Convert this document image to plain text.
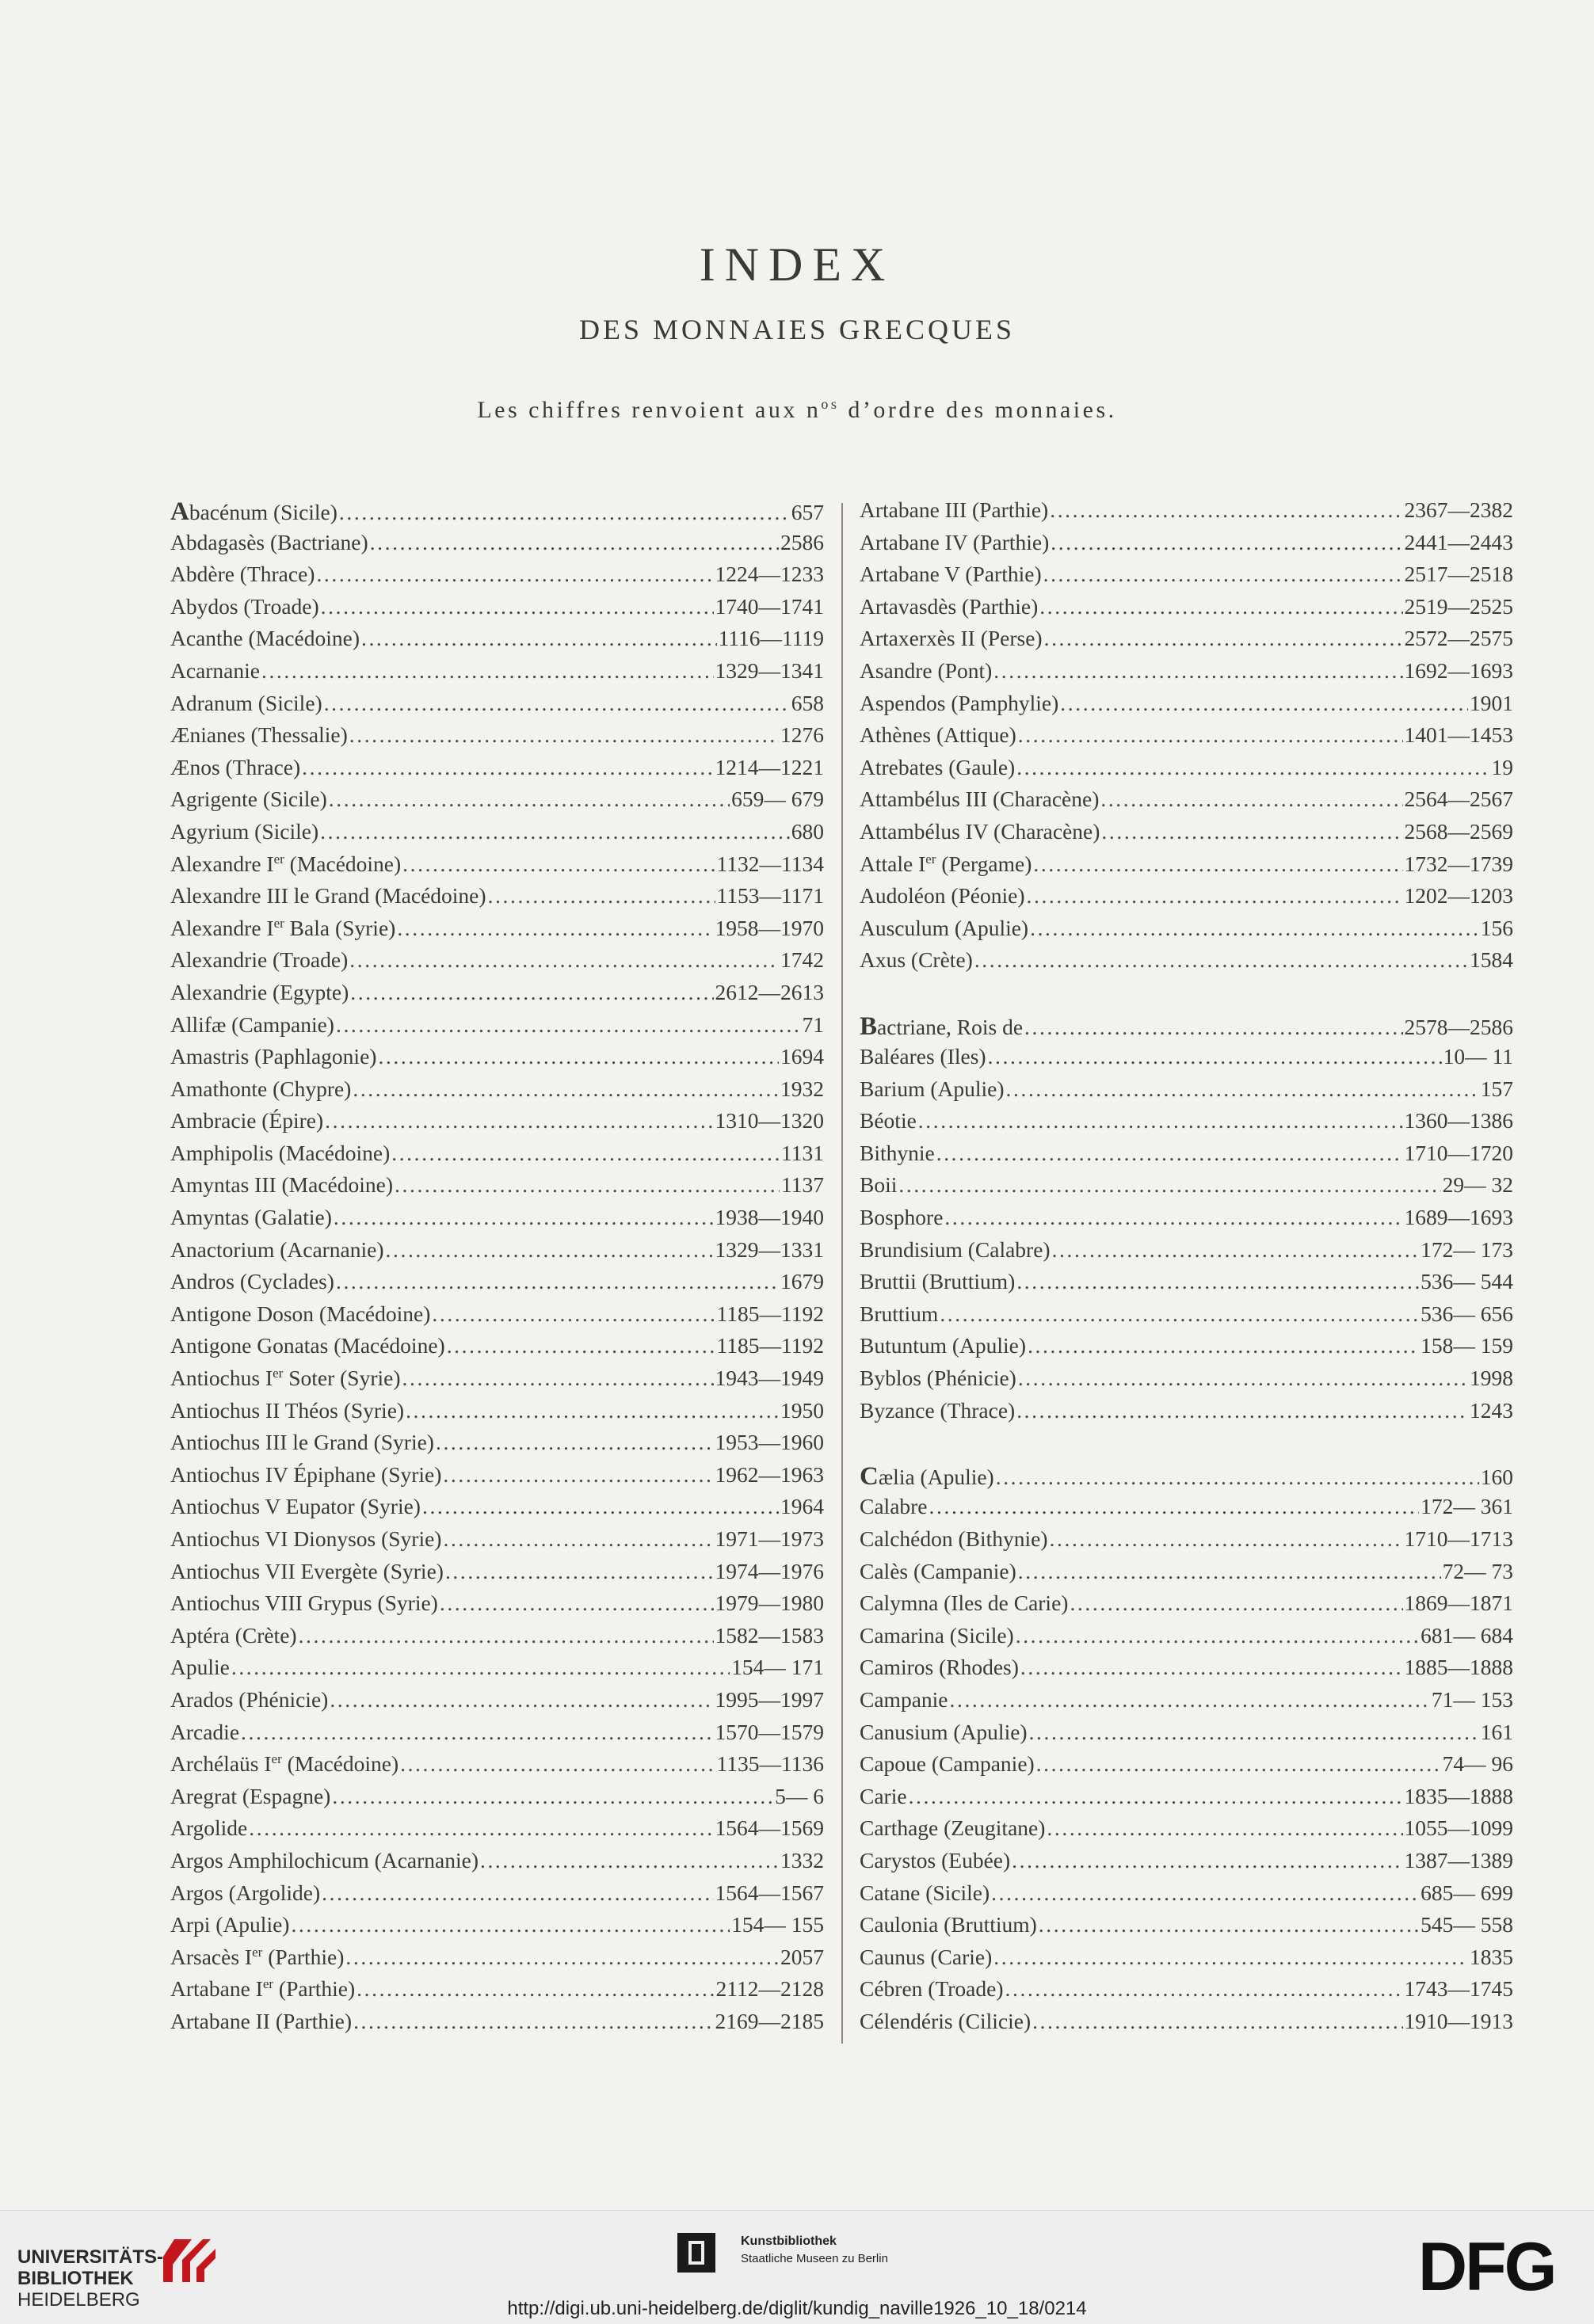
INDEX
DES MONNAIES GRECQUES
Les chiffres renvoient aux $n^{os}$ d’ordre des monnaies.
Abacénum (Sicile) .....	657
Abdagasès (Bactriane) .....	2586
Abdère (Thrace) .....	1224—1233
Abydos (Troade) .....	1740—1741
Acanthe (Macédoine) .....	1116—1119
Acarnanie .....	1329—1341
Adranum (Sicile) .....	658
Ænianes (Thessalie) .....	1276
Ænos (Thrace) .....	1214—1221
Agrigente (Sicile) .....	659— 679
Agyrium (Sicile) .....	680
Alexandre Ier (Macédoine) .....	1132—1134
Alexandre III le Grand (Macédoine) .....	1153—1171
Alexandre Ier Bala (Syrie) .....	1958—1970
Alexandrie (Troade) .....	1742
Alexandrie (Egypte) .....	2612—2613
Allifæ (Campanie) .....	71
Amastris (Paphlagonie) .....	1694
Amathonte (Chypre) .....	1932
Ambracie (Épire) .....	1310—1320
Amphipolis (Macédoine) .....	1131
Amyntas III (Macédoine) .....	1137
Amyntas (Galatie) .....	1938—1940
Anactorium (Acarnanie) .....	1329—1331
Andros (Cyclades) .....	1679
Antigone Doson (Macédoine) .....	1185—1192
Antigone Gonatas (Macédoine) .....	1185—1192
Antiochus Ier Soter (Syrie) .....	1943—1949
Antiochus II Théos (Syrie) .....	1950
Antiochus III le Grand (Syrie) .....	1953—1960
Antiochus IV Épiphane (Syrie) .....	1962—1963
Antiochus V Eupator (Syrie) .....	1964
Antiochus VI Dionysos (Syrie) .....	1971—1973
Antiochus VII Evergète (Syrie) .....	1974—1976
Antiochus VIII Grypus (Syrie) .....	1979—1980
Aptéra (Crète) .....	1582—1583
Apulie .....	154— 171
Arados (Phénicie) .....	1995—1997
Arcadie .....	1570—1579
Archélaüs Ier (Macédoine) .....	1135—1136
Aregrat (Espagne) .....	5— 6
Argolide .....	1564—1569
Argos Amphilochicum (Acarnanie) .....	1332
Argos (Argolide) .....	1564—1567
Arpi (Apulie) .....	154— 155
Arsacès Ier (Parthie) .....	2057
Artabane Ier (Parthie) .....	2112—2128
Artabane II (Parthie) .....	2169—2185
Artabane III (Parthie) .....	2367—2382
Artabane IV (Parthie) .....	2441—2443
Artabane V (Parthie) .....	2517—2518
Artavasdès (Parthie) .....	2519—2525
Artaxerxès II (Perse) .....	2572—2575
Asandre (Pont) .....	1692—1693
Aspendos (Pamphylie) .....	1901
Athènes (Attique) .....	1401—1453
Atrebates (Gaule) .....	19
Attambélus III (Characène) .....	2564—2567
Attambélus IV (Characène) .....	2568—2569
Attale Ier (Pergame) .....	1732—1739
Audoléon (Péonie) .....	1202—1203
Ausculum (Apulie) .....	156
Axus (Crète) .....	1584
Bactriane, Rois de .....	2578—2586
Baléares (Iles) .....	10— 11
Barium (Apulie) .....	157
Béotie .....	1360—1386
Bithynie .....	1710—1720
Boii .....	29— 32
Bosphore .....	1689—1693
Brundisium (Calabre) .....	172— 173
Bruttii (Bruttium) .....	536— 544
Bruttium .....	536— 656
Butuntum (Apulie) .....	158— 159
Byblos (Phénicie) .....	1998
Byzance (Thrace) .....	1243
Cælia (Apulie) .....	160
Calabre .....	172— 361
Calchédon (Bithynie) .....	1710—1713
Calès (Campanie) .....	72— 73
Calymna (Iles de Carie) .....	1869—1871
Camarina (Sicile) .....	681— 684
Camiros (Rhodes) .....	1885—1888
Campanie .....	71— 153
Canusium (Apulie) .....	161
Capoue (Campanie) .....	74— 96
Carie .....	1835—1888
Carthage (Zeugitane) .....	1055—1099
Carystos (Eubée) .....	1387—1389
Catane (Sicile) .....	685— 699
Caulonia (Bruttium) .....	545— 558
Caunus (Carie) .....	1835
Cébren (Troade) .....	1743—1745
Célendéris (Cilicie) .....	1910—1913
UNIVERSITÄTS-
BIBLIOTHEK
HEIDELBERG
Kunstbibliothek
Staatliche Museen zu Berlin	DFG
http://digi.ub.uni-heidelberg.de/diglit/kundig_naville1926_10_18/0214
